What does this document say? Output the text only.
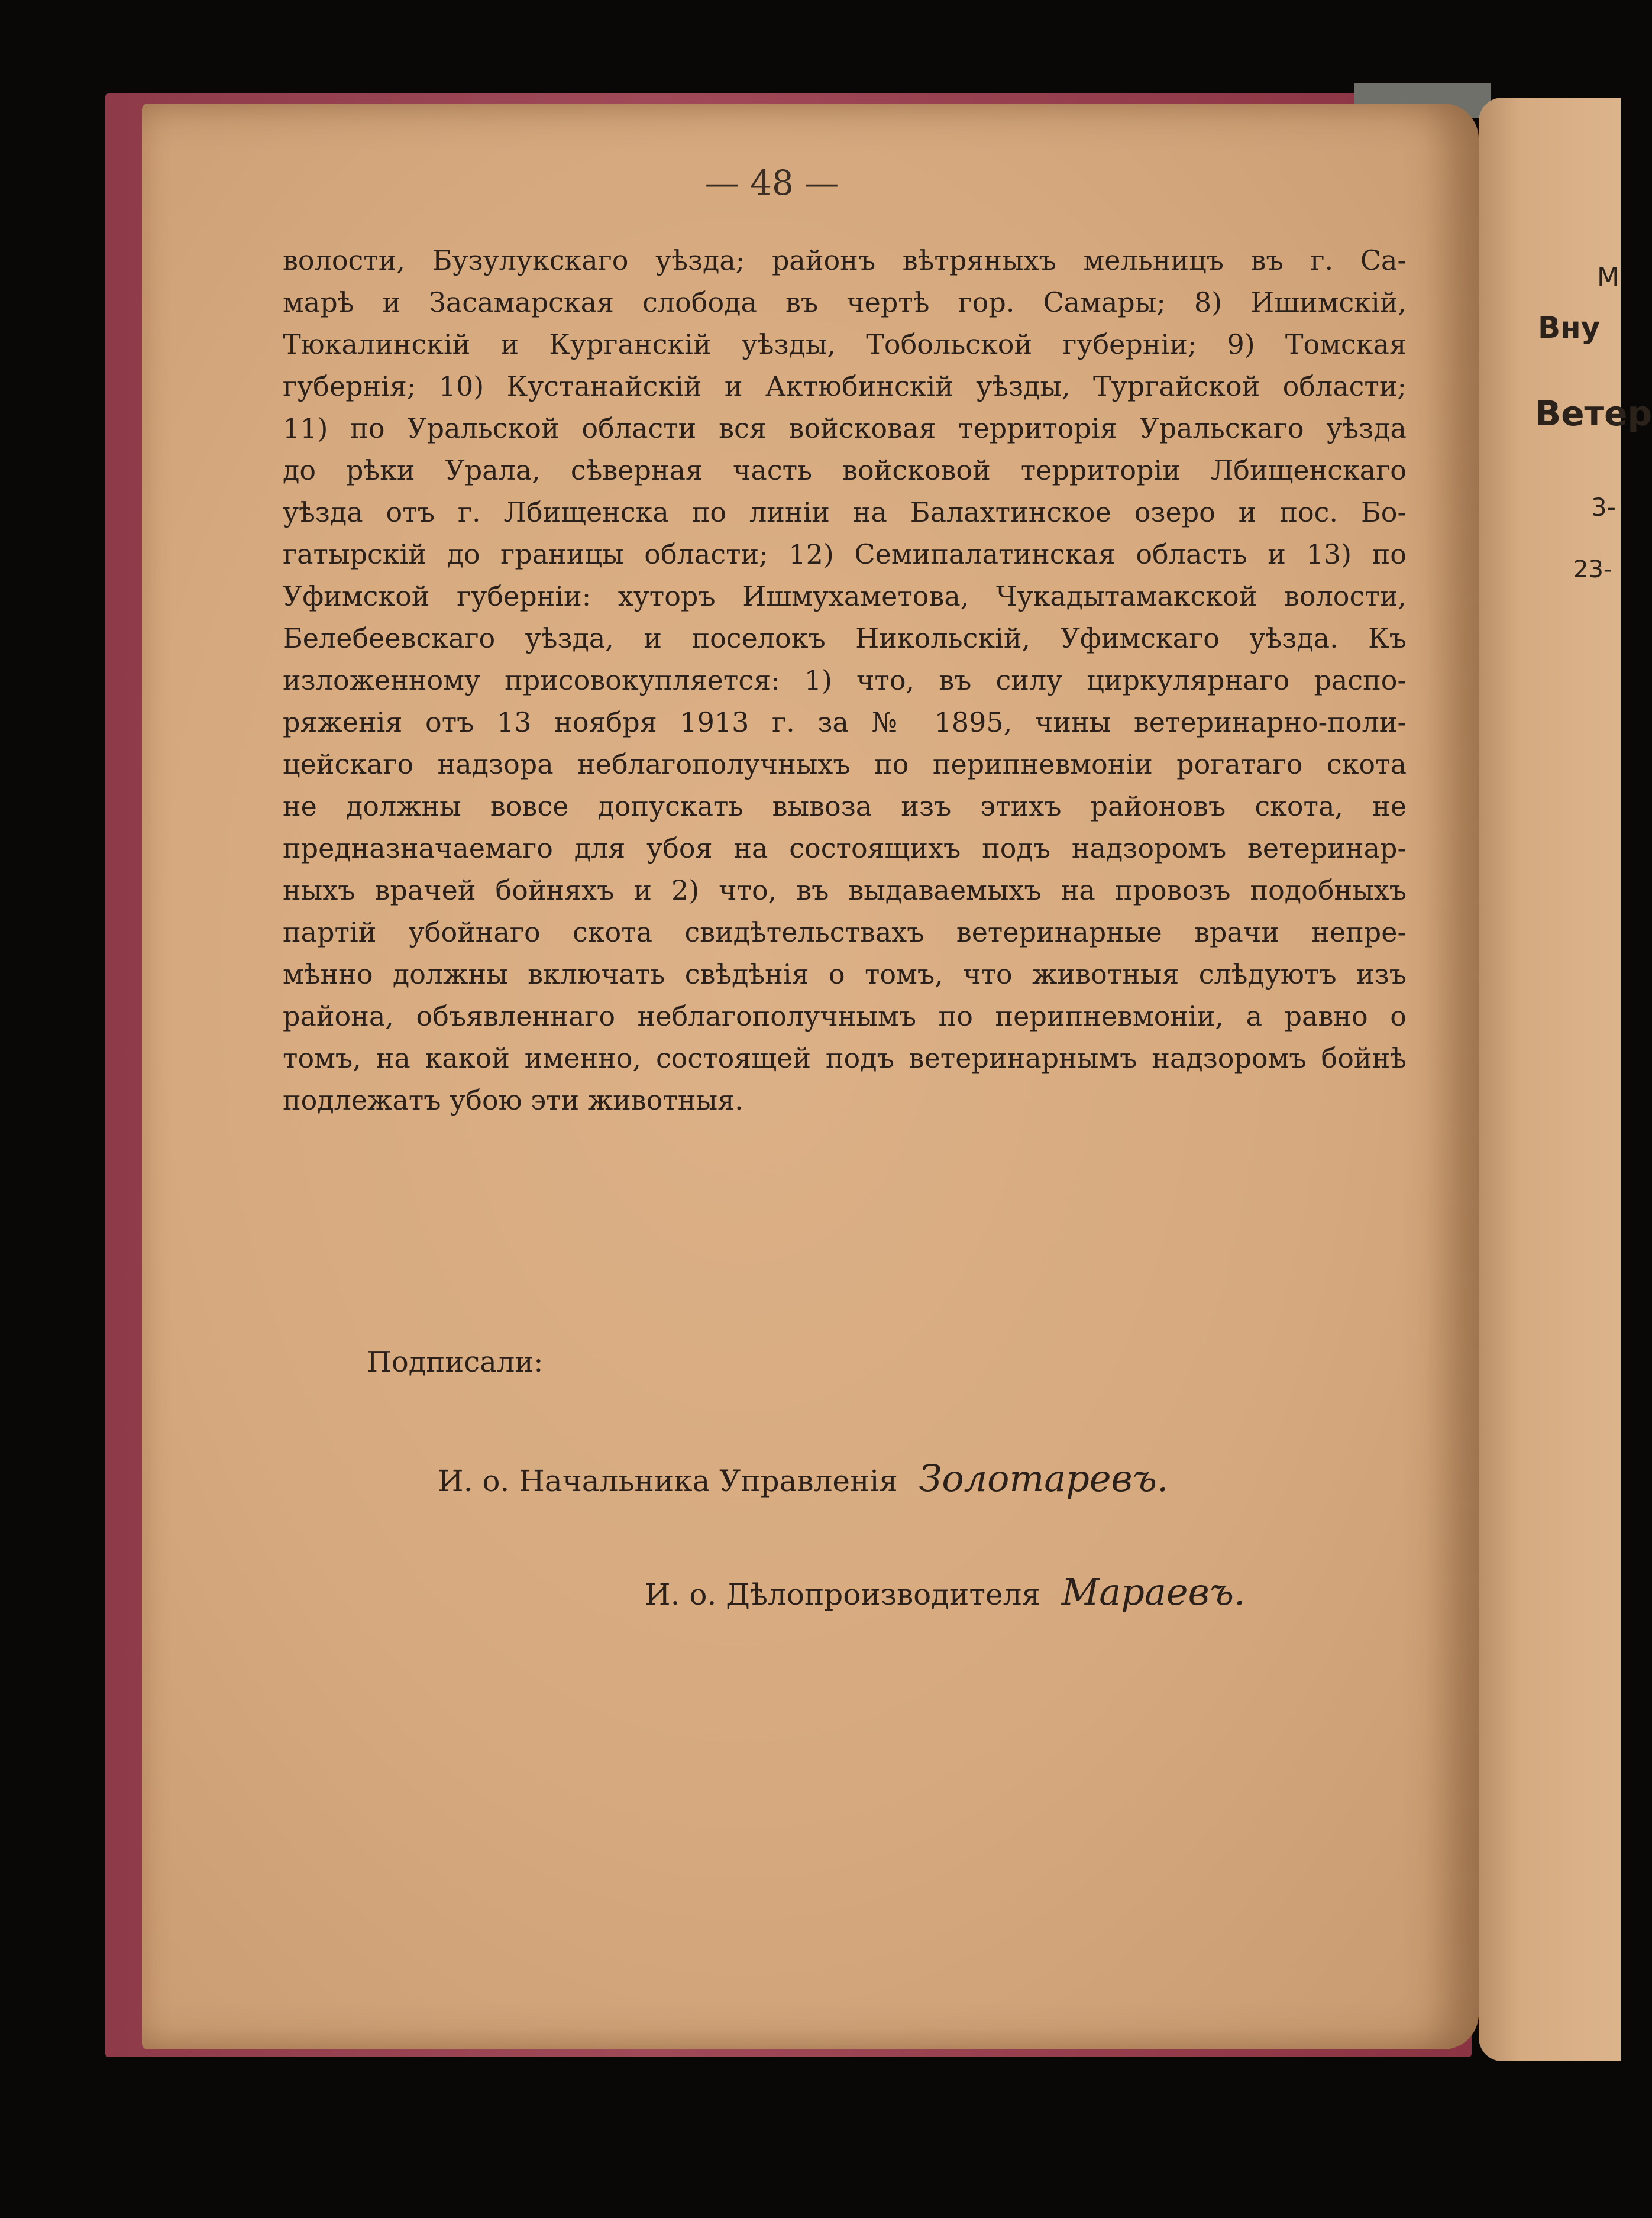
М
Вну
Ветер
3-
23-
— 48 —
волости, Бузулукскаго уѣзда; районъ вѣтряныхъ мельницъ въ г. Са-
марѣ и Засамарская слобода въ чертѣ гор. Самары; 8) Ишимскій,
Тюкалинскій и Курганскій уѣзды, Тобольской губерніи; 9) Томская
губернія; 10) Кустанайскій и Актюбинскій уѣзды, Тургайской области;
11) по Уральской области вся войсковая территорія Уральскаго уѣзда
до рѣки Урала, сѣверная часть войсковой территоріи Лбищенскаго
уѣзда отъ г. Лбищенска по линіи на Балахтинское озеро и пос. Бо-
гатырскій до границы области; 12) Семипалатинская область и 13) по
Уфимской губерніи: хуторъ Ишмухаметова, Чукадытамакской волости,
Белебеевскаго уѣзда, и поселокъ Никольскій, Уфимскаго уѣзда. Къ
изложенному присовокупляется: 1) что, въ силу циркулярнаго распо-
ряженія отъ 13 ноября 1913 г. за № 1895, чины ветеринарно-поли-
цейскаго надзора неблагополучныхъ по перипневмоніи рогатаго скота
не должны вовсе допускать вывоза изъ этихъ районовъ скота, не
предназначаемаго для убоя на состоящихъ подъ надзоромъ ветеринар-
ныхъ врачей бойняхъ и 2) что, въ выдаваемыхъ на провозъ подобныхъ
партій убойнаго скота свидѣтельствахъ ветеринарные врачи непре-
мѣнно должны включать свѣдѣнія о томъ, что животныя слѣдуютъ изъ
района, объявленнаго неблагополучнымъ по перипневмоніи, а равно о
томъ, на какой именно, состоящей подъ ветеринарнымъ надзоромъ бойнѣ
подлежатъ убою эти животныя.
Подписали:
И. о. Начальника Управленія Золотаревъ.
И. о. Дѣлопроизводителя Мараевъ.
